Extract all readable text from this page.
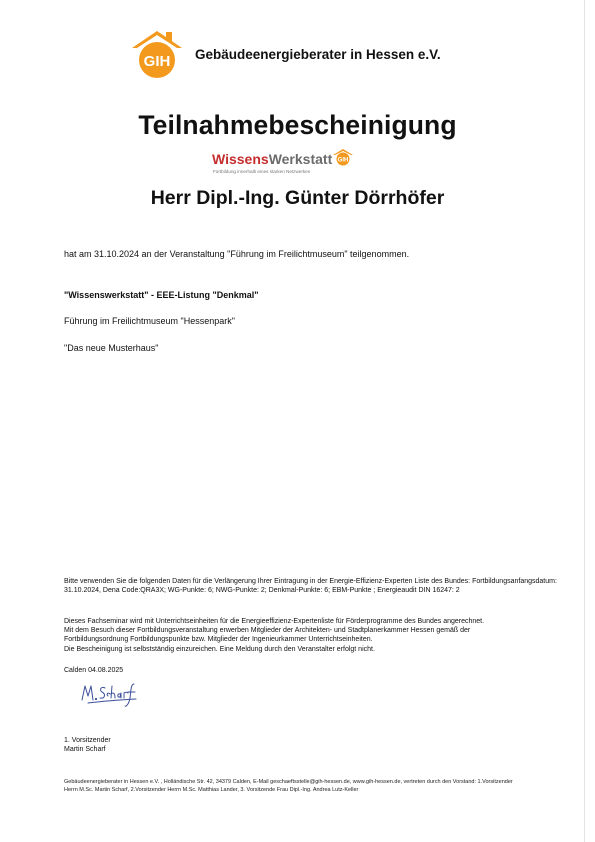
GIH Gebäudeenergieberater in Hessen e.V.
Teilnahmebescheinigung
WissensWerkstatt
Fortbildung innerhalb eines starken Netzwerkes
GIH
Herr Dipl.-Ing. Günter Dörrhöfer
hat am 31.10.2024 an der Veranstaltung "Führung im Freilichtmuseum" teilgenommen.
"Wissenswerkstatt" - EEE-Listung "Denkmal"
Führung im Freilichtmuseum "Hessenpark"
"Das neue Musterhaus"
Bitte verwenden Sie die folgenden Daten für die Verlängerung Ihrer Eintragung in der Energie-Effizienz-Experten Liste des Bundes: Fortbildungsanfangsdatum: 31.10.2024, Dena Code:QRA3X; WG-Punkte: 6; NWG-Punkte: 2; Denkmal-Punkte: 6; EBM-Punkte ; Energieaudit DIN 16247: 2
Dieses Fachseminar wird mit Unterrichtseinheiten für die Energieeffizienz-Expertenliste für Förderprogramme des Bundes angerechnet.
Mit dem Besuch dieser Fortbildungsveranstaltung erwerben Mitglieder der Architekten- und Stadtplanerkammer Hessen gemäß der
Fortbildungsordnung Fortbildungspunkte bzw. Mitglieder der Ingenieurkammer Unterrichtseinheiten.
Die Bescheinigung ist selbstständig einzureichen. Eine Meldung durch den Veranstalter erfolgt nicht.
Calden 04.08.2025
1. Vorsitzender
Martin Scharf
Gebäudeenergieberater in Hessen e.V. , Holländische Str. 42, 34379 Calden, E-Mail geschaeftsstelle@gih-hessen.de, www.gih-hessen.de, vertreten durch den Vorstand: 1.Vorsitzender
Herrn M.Sc. Martin Scharf, 2.Vorsitzender Herrn M.Sc. Matthias Lander, 3. Vorsitzende Frau Dipl.-Ing. Andrea Lutz-Keller
